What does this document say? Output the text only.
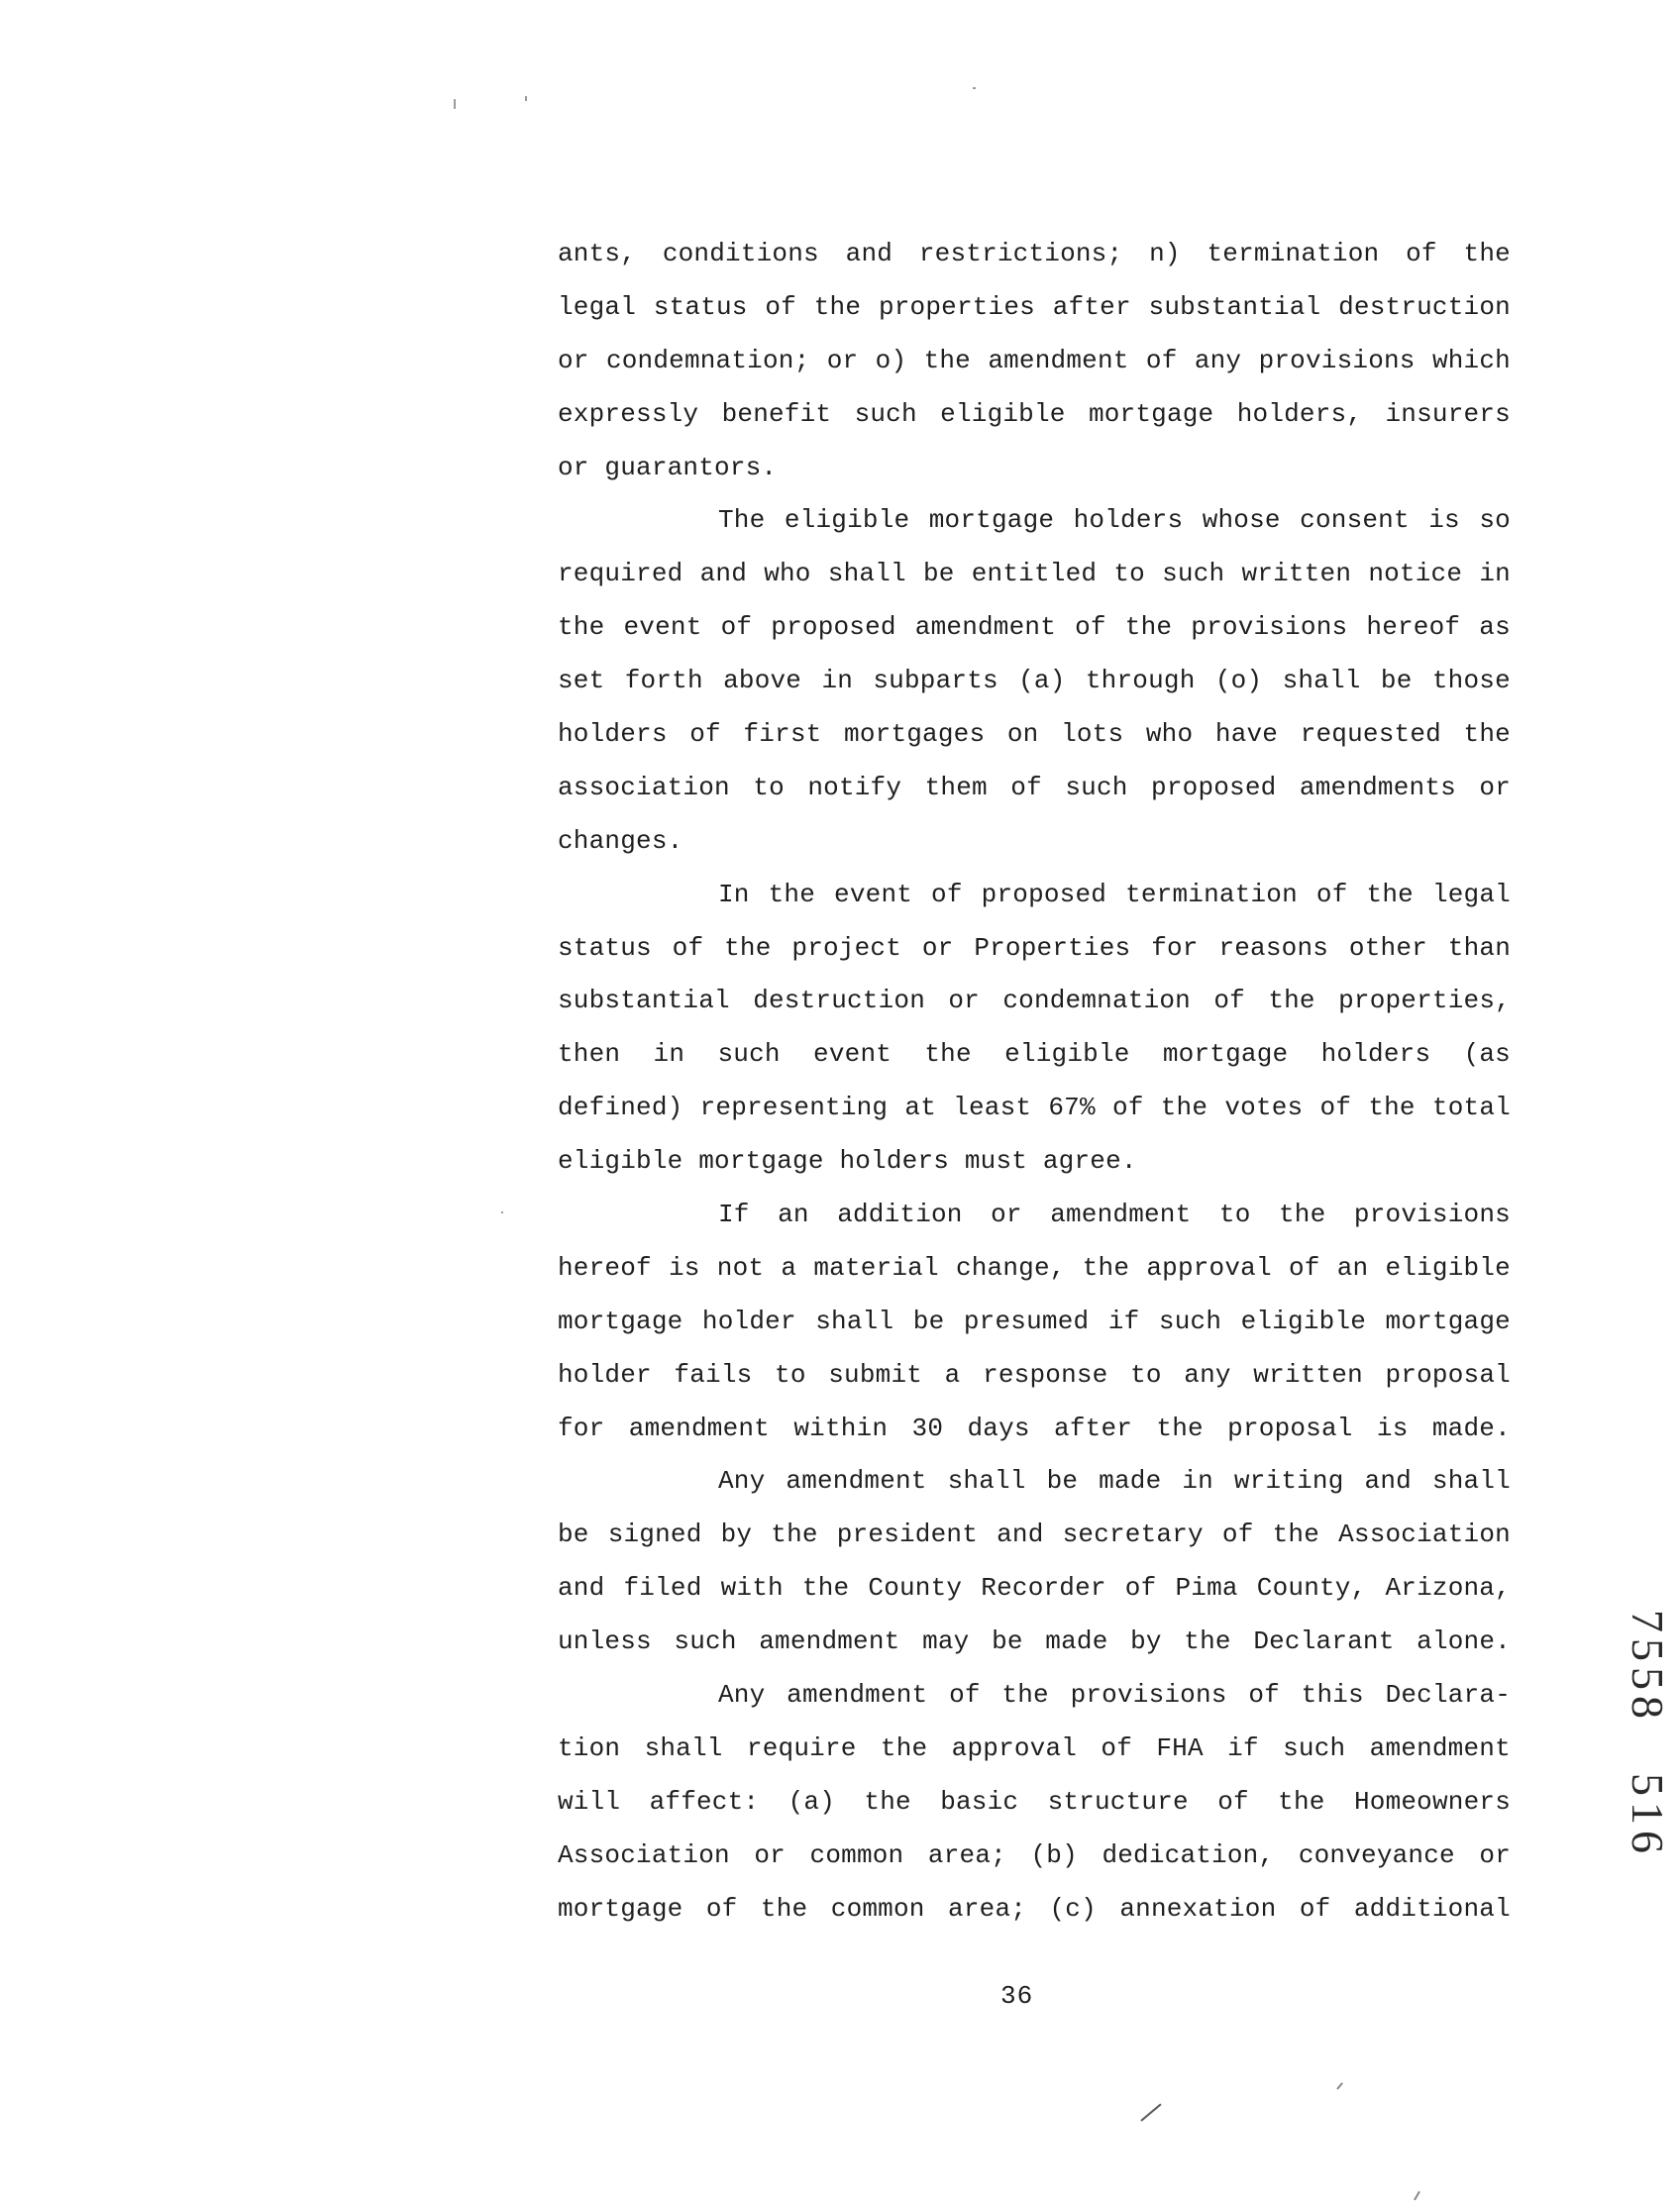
ants, conditions and restrictions; n) termination of the
legal status of the properties after substantial destruction
or condemnation; or o) the amendment of any provisions which
expressly benefit such eligible mortgage holders, insurers
or guarantors.
The eligible mortgage holders whose consent is so
required and who shall be entitled to such written notice in
the event of proposed amendment of the provisions hereof as
set forth above in subparts (a) through (o) shall be those
holders of first mortgages on lots who have requested the
association to notify them of such proposed amendments or
changes.
In the event of proposed termination of the legal
status of the project or Properties for reasons other than
substantial destruction or condemnation of the properties,
then in such event the eligible mortgage holders (as
defined) representing at least 67% of the votes of the total
eligible mortgage holders must agree.
If an addition or amendment to the provisions
hereof is not a material change, the approval of an eligible
mortgage holder shall be presumed if such eligible mortgage
holder fails to submit a response to any written proposal
for amendment within 30 days after the proposal is made.
Any amendment shall be made in writing and shall
be signed by the president and secretary of the Association
and filed with the County Recorder of Pima County, Arizona,
unless such amendment may be made by the Declarant alone.
Any amendment of the provisions of this Declara-
tion shall require the approval of FHA if such amendment
will affect: (a) the basic structure of the Homeowners
Association or common area; (b) dedication, conveyance or
mortgage of the common area; (c) annexation of additional
36
7558
516
